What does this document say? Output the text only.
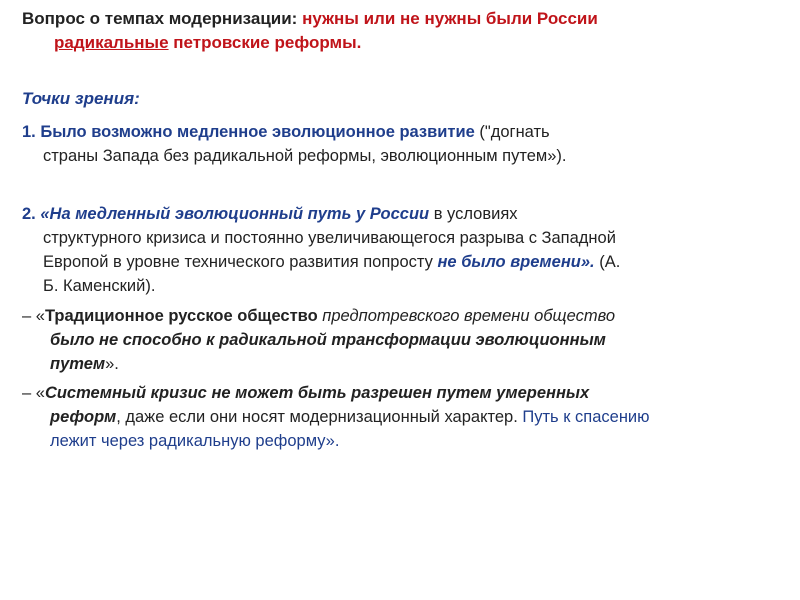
Вопрос о темпах модернизации: нужны или не нужны были России
радикальные петровские реформы.
Точки зрения:
1. Было возможно медленное эволюционное развитие ("догнать
страны Запада без радикальной реформы, эволюционным путем»).
2. «На медленный эволюционный путь у России в условиях
структурного кризиса и постоянно увеличивающегося разрыва с Западной
Европой в уровне технического развития попросту не было времени». (А.
Б. Каменский).
– «Традиционное русское общество предпотревского времени общество
было не способно к радикальной трансформации эволюционным
путем».
– «Системный кризис не может быть разрешен путем умеренных
реформ, даже если они носят модернизационный характер. Путь к спасению
лежит через радикальную реформу».
